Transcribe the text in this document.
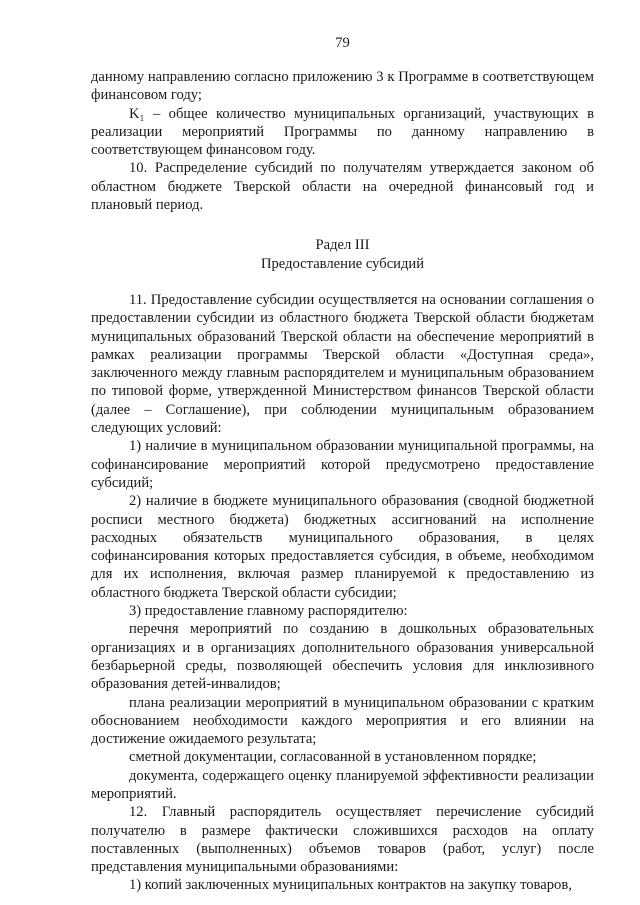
79

данному направлению согласно приложению 3 к Программе в соответствующем финансовом году;

K₁ – общее количество муниципальных организаций, участвующих в реализации мероприятий Программы по данному направлению в соответствующем финансовом году.

10. Распределение субсидий по получателям утверждается законом об областном бюджете Тверской области на очередной финансовый год и плановый период.

Радел III

Предоставление субсидий

11. Предоставление субсидии осуществляется на основании соглашения о предоставлении субсидии из областного бюджета Тверской области бюджетам муниципальных образований Тверской области на обеспечение мероприятий в рамках реализации программы Тверской области «Доступная среда», заключенного между главным распорядителем и муниципальным образованием по типовой форме, утвержденной Министерством финансов Тверской области (далее – Соглашение), при соблюдении муниципальным образованием следующих условий:

1) наличие в муниципальном образовании муниципальной программы, на софинансирование мероприятий которой предусмотрено предоставление субсидий;

2) наличие в бюджете муниципального образования (сводной бюджетной росписи местного бюджета) бюджетных ассигнований на исполнение расходных обязательств муниципального образования, в целях софинансирования которых предоставляется субсидия, в объеме, необходимом для их исполнения, включая размер планируемой к предоставлению из областного бюджета Тверской области субсидии;

3) предоставление главному распорядителю:

перечня мероприятий по созданию в дошкольных образовательных организациях и в организациях дополнительного образования универсальной безбарьерной среды, позволяющей обеспечить условия для инклюзивного образования детей-инвалидов;

плана реализации мероприятий в муниципальном образовании с кратким обоснованием необходимости каждого мероприятия и его влиянии на достижение ожидаемого результата;

сметной документации, согласованной в установленном порядке;

документа, содержащего оценку планируемой эффективности реализации мероприятий.

12. Главный распорядитель осуществляет перечисление субсидий получателю в размере фактически сложившихся расходов на оплату поставленных (выполненных) объемов товаров (работ, услуг) после представления муниципальными образованиями:

1) копий заключенных муниципальных контрактов на закупку товаров,
